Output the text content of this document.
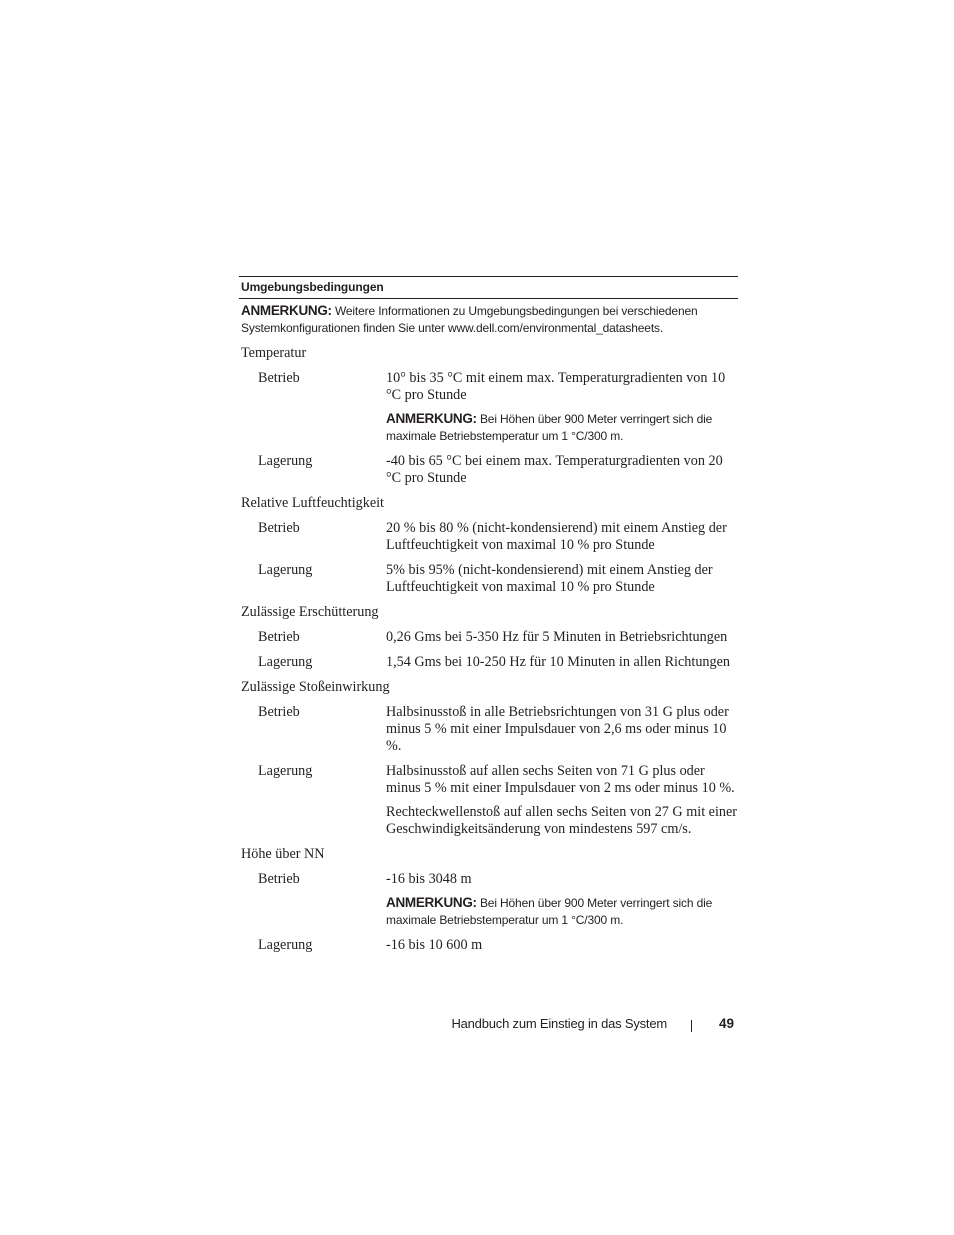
Umgebungsbedingungen
ANMERKUNG: Weitere Informationen zu Umgebungsbedingungen bei verschiedenen Systemkonfigurationen finden Sie unter www.dell.com/environmental_datasheets.
Temperatur
Betrieb	10° bis 35 °C mit einem max. Temperaturgradienten von 10 °C pro Stunde
ANMERKUNG: Bei Höhen über 900 Meter verringert sich die maximale Betriebstemperatur um 1 °C/300 m.
Lagerung	-40 bis 65 °C bei einem max. Temperaturgradienten von 20 °C pro Stunde
Relative Luftfeuchtigkeit
Betrieb	20 % bis 80 % (nicht-kondensierend) mit einem Anstieg der Luftfeuchtigkeit von maximal 10 % pro Stunde
Lagerung	5% bis 95% (nicht-kondensierend) mit einem Anstieg der Luftfeuchtigkeit von maximal 10 % pro Stunde
Zulässige Erschütterung
Betrieb	0,26 Gms bei 5-350 Hz für 5 Minuten in Betriebsrichtungen
Lagerung	1,54 Gms bei 10-250 Hz für 10 Minuten in allen Richtungen
Zulässige Stoßeinwirkung
Betrieb	Halbsinusstoß in alle Betriebsrichtungen von 31 G plus oder minus 5 % mit einer Impulsdauer von 2,6 ms oder minus 10 %.
Lagerung	Halbsinusstoß auf allen sechs Seiten von 71 G plus oder minus 5 % mit einer Impulsdauer von 2 ms oder minus 10 %.
Rechteckwellenstoß auf allen sechs Seiten von 27 G mit einer Geschwindigkeitsänderung von mindestens 597 cm/s.
Höhe über NN
Betrieb	-16 bis 3048 m
ANMERKUNG: Bei Höhen über 900 Meter verringert sich die maximale Betriebstemperatur um 1 °C/300 m.
Lagerung	-16 bis 10 600 m
Handbuch zum Einstieg in das System	49
